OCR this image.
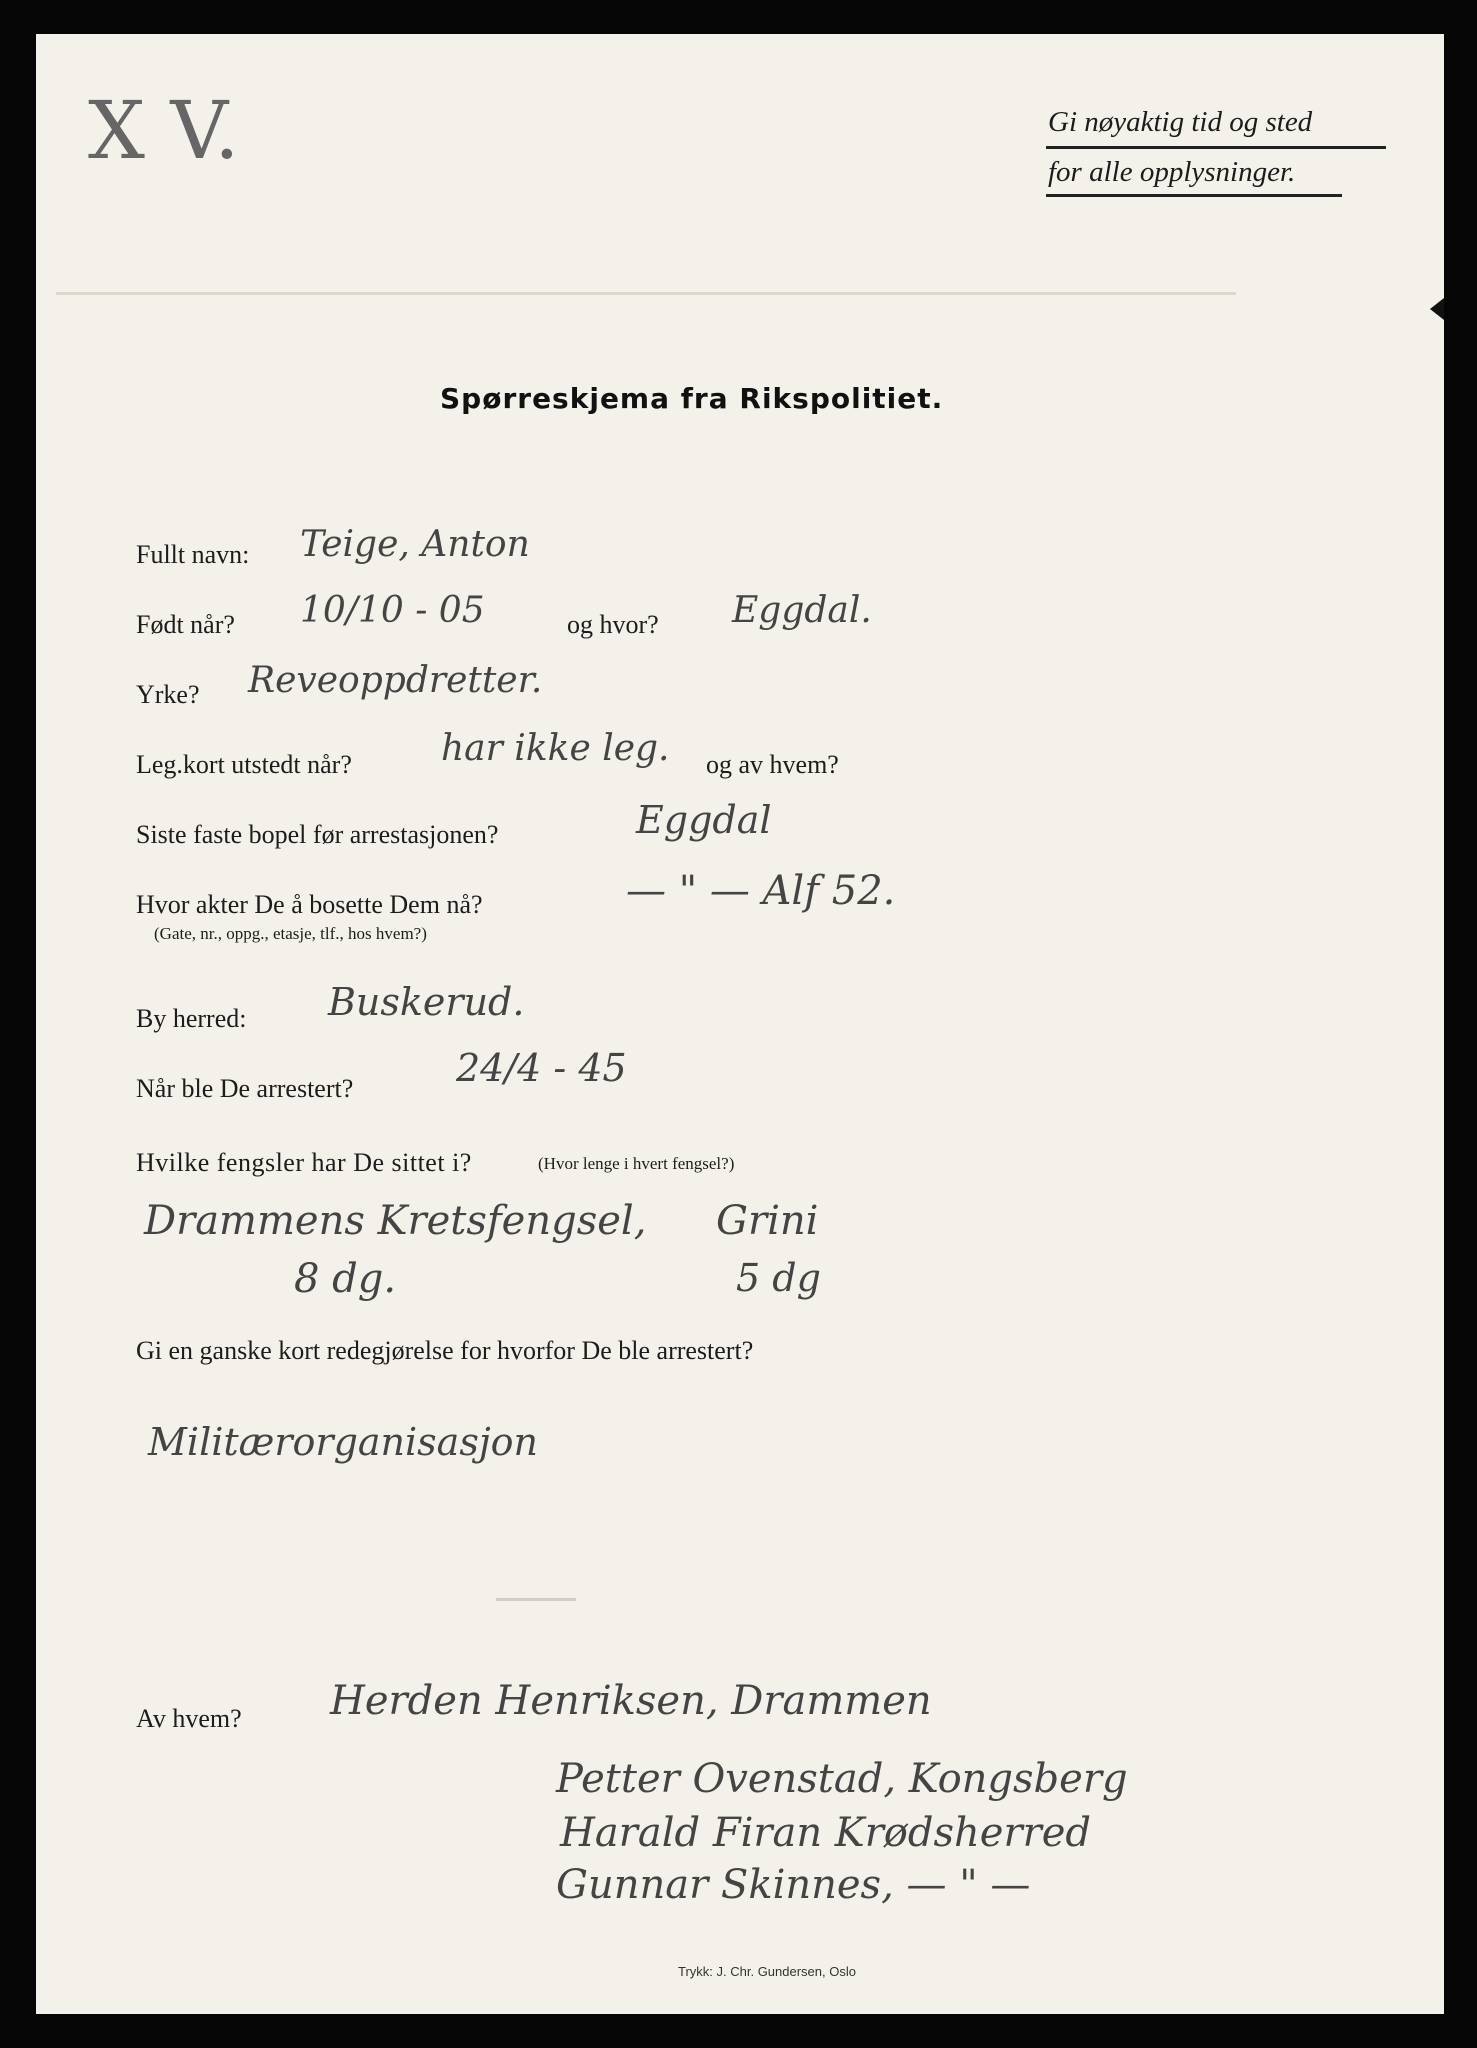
X V.	Gi nøyaktig tid og sted
for alle opplysninger.
Spørreskjema fra Rikspolitiet.
Fullt navn: Teige, Anton
Født når? 10/10 - 05	og hvor? Eggdal.
Yrke? Reveoppdretter.
Leg.kort utstedt når? har ikke leg. og av hvem?
Siste faste bopel før arrestasjonen?	Eggdal
Hvor akter De å bosette Dem nå?
(Gate, nr., oppg., etasje, tlf., hos hvem?)
— " — Alf 52.
By herred: Buskerud.
Når ble De arrestert?	24/4 - 45
Hvilke fengsler har De sittet i?	(Hvor lenge i hvert fengsel?)
Drammens Kretsfengsel, Grini
8 dg.	5 dg
Gi en ganske kort redegjørelse for hvorfor De ble arrestert?
Militærorganisasjon
Av hvem? Herden Henriksen, Drammen
Petter Ovenstad, Kongsberg
Harald Firan Krødsherred
Gunnar Skinnes, — " —
Trykk: J. Chr. Gundersen, Oslo
